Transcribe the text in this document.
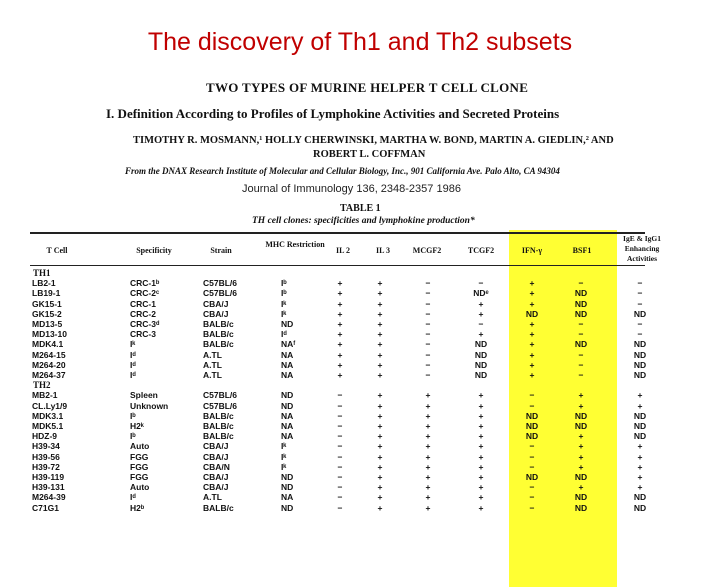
The discovery of Th1 and Th2 subsets
TWO TYPES OF MURINE HELPER T CELL CLONE
I. Definition According to Profiles of Lymphokine Activities and Secreted Proteins
TIMOTHY R. MOSMANN,¹ HOLLY CHERWINSKI, MARTHA W. BOND, MARTIN A. GIEDLIN,² AND
ROBERT L. COFFMAN
From the DNAX Research Institute of Molecular and Cellular Biology, Inc., 901 California Ave. Palo Alto, CA 94304
Journal of Immunology 136, 2348-2357 1986
TABLE 1
TH cell clones: specificities and lymphokine production*
T Cell	Specificity	Strain
MHC Restriction
IL 2	IL 3	MCGF2	TCGF2	IFN-γ	BSF1
IgE & IgG1 Enhancing Activities
TH1
LB2-1	CRC-1ᵇ	C57BL/6	Iᵇ	+	+	−	−	+	−	−
LB19-1	CRC-2ᶜ	C57BL/6	Iᵇ	+	+	−	NDᵉ	+	ND	−
GK15-1	CRC-1	CBA/J	Iᵏ	+	+	−	+	+	ND	−
GK15-2	CRC-2	CBA/J	Iᵏ	+	+	−	+	ND	ND	ND
MD13-5	CRC-3ᵈ	BALB/c	ND	+	+	−	−	+	−	−
MD13-10	CRC-3	BALB/c	Iᵈ	+	+	−	+	+	−	−
MDK4.1	Iᵏ	BALB/c	NAᶠ	+	+	−	ND	+	ND	ND
M264-15	Iᵈ	A.TL	NA	+	+	−	ND	+	−	ND
M264-20	Iᵈ	A.TL	NA	+	+	−	ND	+	−	ND
M264-37	Iᵈ	A.TL	NA	+	+	−	ND	+	−	ND
TH2
MB2-1	Spleen	C57BL/6	ND	−	+	+	+	−	+	+
CL.Ly1/9	Unknown	C57BL/6	ND	−	+	+	+	−	+	+
MDK3.1	Iᵇ	BALB/c	NA	−	+	+	+	ND	ND	ND
MDK5.1	H2ᵏ	BALB/c	NA	−	+	+	+	ND	ND	ND
HDZ-9	Iᵇ	BALB/c	NA	−	+	+	+	ND	+	ND
H39-34	Auto	CBA/J	Iᵏ	−	+	+	+	−	+	+
H39-56	FGG	CBA/J	Iᵏ	−	+	+	+	−	+	+
H39-72	FGG	CBA/N	Iᵏ	−	+	+	+	−	+	+
H39-119	FGG	CBA/J	ND	−	+	+	+	ND	ND	+
H39-131	Auto	CBA/J	ND	−	+	+	+	−	+	+
M264-39	Iᵈ	A.TL	NA	−	+	+	+	−	ND	ND
C71G1	H2ᵇ	BALB/c	ND	−	+	+	+	−	ND	ND
